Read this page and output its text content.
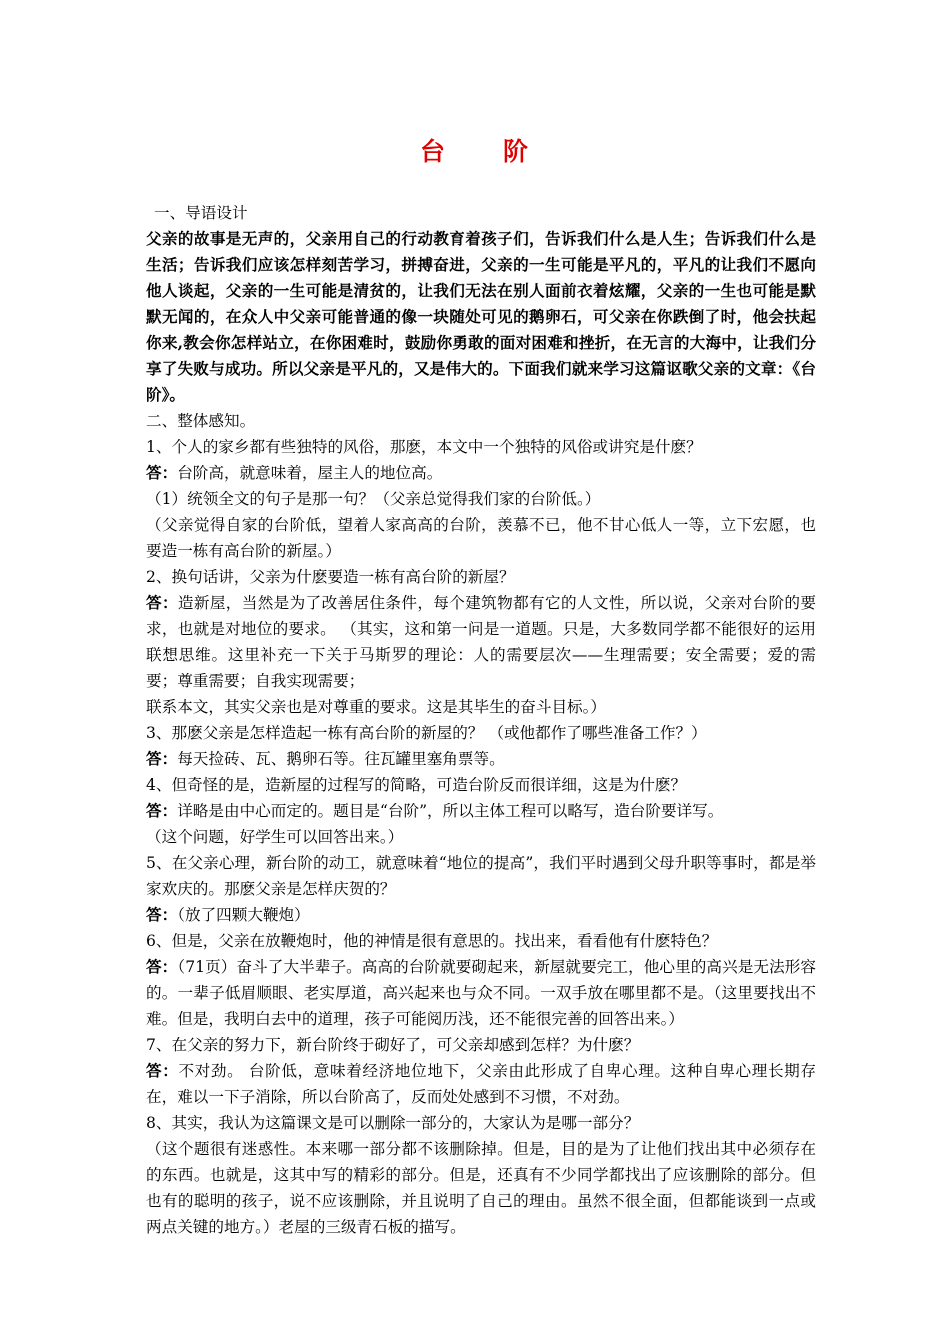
台 阶

一、导语设计

父亲的故事是无声的，父亲用自己的行动教育着孩子们，告诉我们什么是人生；告诉我们什么是生活；告诉我们应该怎样刻苦学习，拼搏奋进，父亲的一生可能是平凡的，平凡的让我们不愿向他人谈起，父亲的一生可能是清贫的，让我们无法在别人面前衣着炫耀，父亲的一生也可能是默默无闻的，在众人中父亲可能普通的像一块随处可见的鹅卵石，可父亲在你跌倒了时，他会扶起你来,教会你怎样站立，在你困难时，鼓励你勇敢的面对困难和挫折，在无言的大海中，让我们分享了失败与成功。所以父亲是平凡的，又是伟大的。下面我们就来学习这篇讴歌父亲的文章：《台阶》。

二、整体感知。

1、个人的家乡都有些独特的风俗，那麽，本文中一个独特的风俗或讲究是什麽？

答：台阶高，就意味着，屋主人的地位高。

（1）统领全文的句子是那一句？（父亲总觉得我们家的台阶低。）

（父亲觉得自家的台阶低，望着人家高高的台阶，羡慕不已，他不甘心低人一等，立下宏愿，也要造一栋有高台阶的新屋。）

2、换句话讲，父亲为什麽要造一栋有高台阶的新屋？

答：造新屋，当然是为了改善居住条件，每个建筑物都有它的人文性，所以说，父亲对台阶的要求，也就是对地位的要求。 （其实，这和第一问是一道题。只是，大多数同学都不能很好的运用联想思维。这里补充一下关于马斯罗的理论：人的需要层次——生理需要；安全需要；爱的需要；尊重需要；自我实现需要；

联系本文，其实父亲也是对尊重的要求。这是其毕生的奋斗目标。）

3、那麽父亲是怎样造起一栋有高台阶的新屋的？ （或他都作了哪些准备工作？）

答：每天捡砖、瓦、鹅卵石等。往瓦罐里塞角票等。

4、但奇怪的是，造新屋的过程写的简略，可造台阶反而很详细，这是为什麽？

答：详略是由中心而定的。题目是“台阶”，所以主体工程可以略写，造台阶要详写。

（这个问题，好学生可以回答出来。）

5、在父亲心理，新台阶的动工，就意味着“地位的提高”，我们平时遇到父母升职等事时，都是举家欢庆的。那麽父亲是怎样庆贺的？

答：（放了四颗大鞭炮）

6、但是，父亲在放鞭炮时，他的神情是很有意思的。找出来，看看他有什麽特色？

答：（71页）奋斗了大半辈子。高高的台阶就要砌起来，新屋就要完工，他心里的高兴是无法形容的。一辈子低眉顺眼、老实厚道，高兴起来也与众不同。一双手放在哪里都不是。（这里要找出不难。但是，我明白去中的道理，孩子可能阅历浅，还不能很完善的回答出来。）

7、在父亲的努力下，新台阶终于砌好了，可父亲却感到怎样？为什麽？

答：不对劲。 台阶低，意味着经济地位地下，父亲由此形成了自卑心理。这种自卑心理长期存在，难以一下子消除，所以台阶高了，反而处处感到不习惯，不对劲。

8、其实，我认为这篇课文是可以删除一部分的，大家认为是哪一部分？

（这个题很有迷惑性。本来哪一部分都不该删除掉。但是，目的是为了让他们找出其中必须存在的东西。也就是，这其中写的精彩的部分。但是，还真有不少同学都找出了应该删除的部分。但也有的聪明的孩子，说不应该删除，并且说明了自己的理由。虽然不很全面，但都能谈到一点或两点关键的地方。）老屋的三级青石板的描写。
